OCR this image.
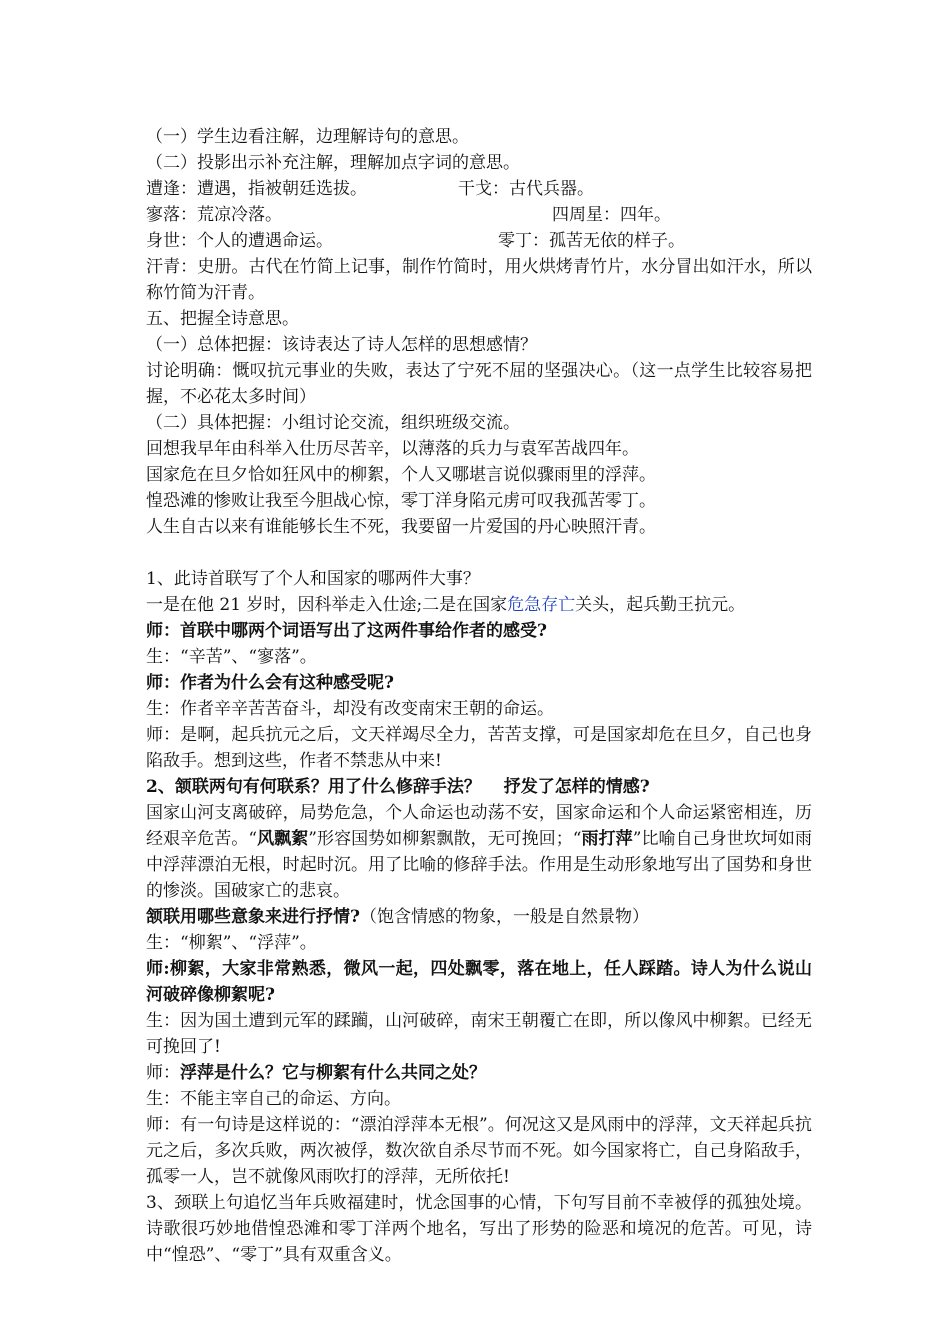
（一）学生边看注解，边理解诗句的意思。

（二）投影出示补充注解，理解加点字词的意思。

遭逢：遭遇，指被朝廷选拔。	干戈：古代兵器。
寥落：荒凉冷落。	四周星：四年。
身世：个人的遭遇命运。	零丁：孤苦无依的样子。

汗青：史册。古代在竹简上记事，制作竹简时，用火烘烤青竹片，水分冒出如汗水，所以称竹简为汗青。

五、把握全诗意思。

（一）总体把握：该诗表达了诗人怎样的思想感情？

讨论明确：慨叹抗元事业的失败，表达了宁死不屈的坚强决心。（这一点学生比较容易把握，不必花太多时间）

（二）具体把握：小组讨论交流，组织班级交流。

回想我早年由科举入仕历尽苦辛，以薄落的兵力与袁军苦战四年。

国家危在旦夕恰如狂风中的柳絮，个人又哪堪言说似骤雨里的浮萍。

惶恐滩的惨败让我至今胆战心惊，零丁洋身陷元虏可叹我孤苦零丁。

人生自古以来有谁能够长生不死，我要留一片爱国的丹心映照汗青。

1、此诗首联写了个人和国家的哪两件大事？

一是在他 21 岁时，因科举走入仕途;二是在国家危急存亡关头，起兵勤王抗元。

师：首联中哪两个词语写出了这两件事给作者的感受?

生：“辛苦”、“寥落”。

师：作者为什么会有这种感受呢?

生：作者辛辛苦苦奋斗，却没有改变南宋王朝的命运。

师：是啊，起兵抗元之后，文天祥竭尽全力，苦苦支撑，可是国家却危在旦夕，自己也身陷敌手。想到这些，作者不禁悲从中来!

2、颔联两句有何联系？用了什么修辞手法？　 抒发了怎样的情感?

国家山河支离破碎，局势危急，个人命运也动荡不安，国家命运和个人命运紧密相连，历经艰辛危苦。“风飘絮”形容国势如柳絮飘散，无可挽回；“雨打萍”比喻自己身世坎坷如雨中浮萍漂泊无根，时起时沉。用了比喻的修辞手法。作用是生动形象地写出了国势和身世的惨淡。国破家亡的悲哀。

颔联用哪些意象来进行抒情?（饱含情感的物象，一般是自然景物）

生：“柳絮”、“浮萍”。

师:柳絮，大家非常熟悉，微风一起，四处飘零，落在地上，任人踩踏。诗人为什么说山河破碎像柳絮呢?

生：因为国土遭到元军的蹂躏，山河破碎，南宋王朝覆亡在即，所以像风中柳絮。已经无可挽回了!

师：浮萍是什么？它与柳絮有什么共同之处？

生：不能主宰自己的命运、方向。

师：有一句诗是这样说的：“漂泊浮萍本无根”。何况这又是风雨中的浮萍，文天祥起兵抗元之后，多次兵败，两次被俘，数次欲自杀尽节而不死。如今国家将亡，自己身陷敌手，孤零一人，岂不就像风雨吹打的浮萍，无所依托!

3、颈联上句追忆当年兵败福建时，忧念国事的心情，下句写目前不幸被俘的孤独处境。诗歌很巧妙地借惶恐滩和零丁洋两个地名，写出了形势的险恶和境况的危苦。可见，诗中“惶恐”、“零丁”具有双重含义。
